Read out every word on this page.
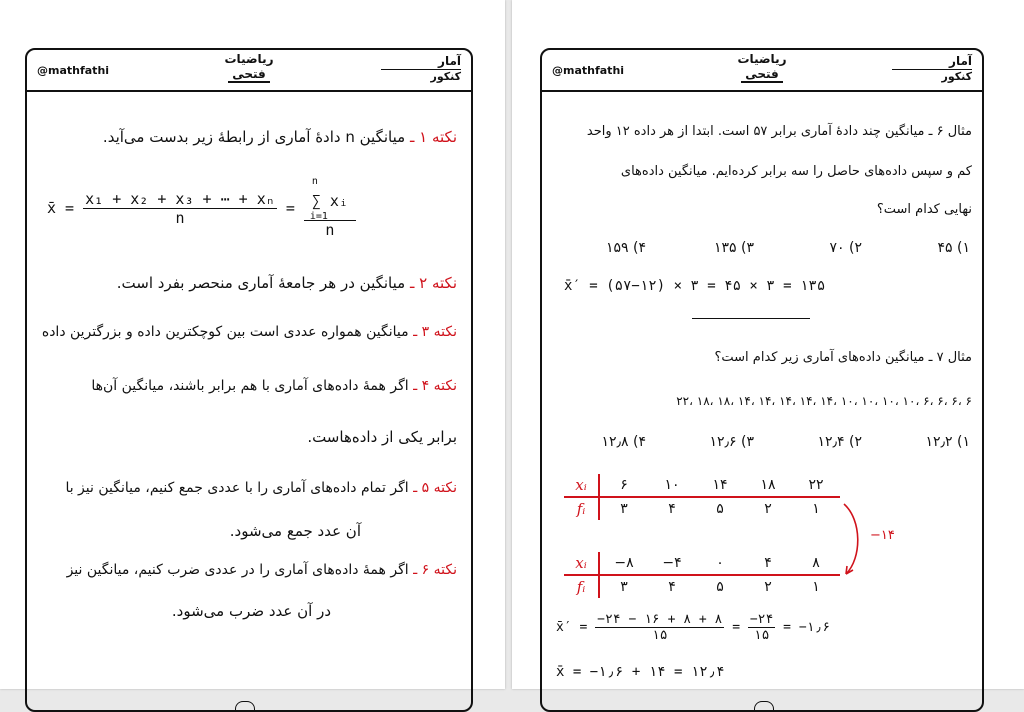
@mathfathi
ریاضیات
فتحی
آمار
کنکور
نکته ۱ ـ میانگین n دادهٔ آماری از رابطهٔ زیر بدست می‌آید.
x̄ = $\frac{\text{x₁ + x₂ + x₃ + ⋯ + xₙ}}{n} = n$
∑ xᵢ
i=1
n
نکته ۲ ـ میانگین در هر جامعهٔ آماری منحصر بفرد است.
نکته ۳ ـ میانگین همواره عددی است بین کوچکترین داده و بزرگترین داده
نکته ۴ ـ اگر همهٔ داده‌های آماری با هم برابر باشند، میانگین آن‌ها
برابر یکی از داده‌هاست.
نکته ۵ ـ اگر تمام داده‌های آماری را با عددی جمع کنیم، میانگین نیز با
آن عدد جمع می‌شود.
نکته ۶ ـ اگر همهٔ داده‌های آماری را در عددی ضرب کنیم، میانگین نیز
در آن عدد ضرب می‌شود.
@mathfathi
ریاضیات
فتحی
آمار
کنکور
مثال ۶ ـ میانگین چند دادهٔ آماری برابر ۵۷ است. ابتدا از هر داده ۱۲ واحد
کم و سپس داده‌های حاصل را سه برابر کرده‌ایم. میانگین داده‌های
نهایی کدام است؟
۱) ۴۵
۲) ۷۰
۳) ۱۳۵
۴) ۱۵۹
x̄′ = (۵۷−۱۲) × ۳ = ۴۵ × ۳ = ۱۳۵
مثال ۷ ـ میانگین داده‌های آماری زیر کدام است؟
۶ ،۶ ،۶ ،۶ ،۱۰ ،۱۰ ،۱۰ ،۱۰ ،۱۴ ،۱۴ ،۱۴ ،۱۴ ،۱۴ ،۱۸ ،۱۸ ،۲۲
۱) ۱۲٫۲
۲) ۱۲٫۴
۳) ۱۲٫۶
۴) ۱۲٫۸
xᵢ	۶	۱۰	۱۴	۱۸	۲۲
fᵢ	۳	۴	۵	۲	۱
−۱۴
xᵢ	−۸	−۴	۰	۴	۸
fᵢ	۳	۴	۵	۲	۱
x̄′ = $\frac{-۲۴ - ۱۶ + ۸ + ۸}{۱۵} = \frac{-۲۴}{۱۵}$ = −۱٫۶
x̄ = −۱٫۶ + ۱۴ = ۱۲٫۴
